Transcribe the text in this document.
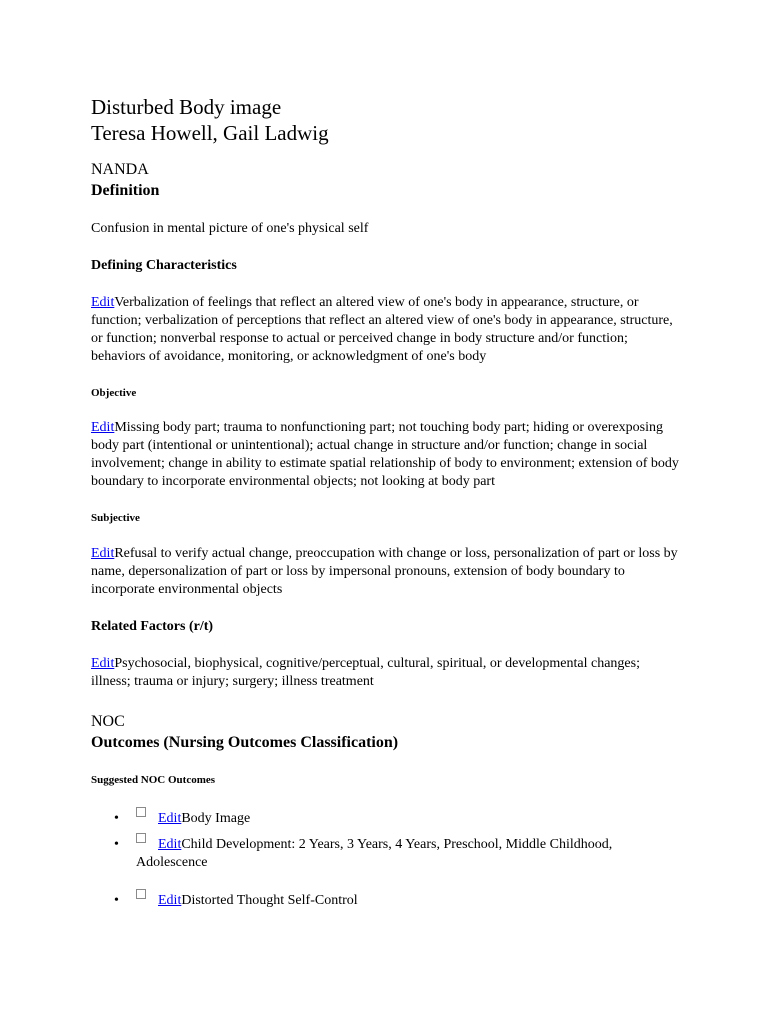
Disturbed Body image
Teresa Howell, Gail Ladwig
NANDA
Definition

Confusion in mental picture of one's physical self

Defining Characteristics

EditVerbalization of feelings that reflect an altered view of one's body in appearance, structure, or function; verbalization of perceptions that reflect an altered view of one's body in appearance, structure, or function; nonverbal response to actual or perceived change in body structure and/or function; behaviors of avoidance, monitoring, or acknowledgment of one's body

Objective

EditMissing body part; trauma to nonfunctioning part; not touching body part; hiding or overexposing body part (intentional or unintentional); actual change in structure and/or function; change in social involvement; change in ability to estimate spatial relationship of body to environment; extension of body boundary to incorporate environmental objects; not looking at body part

Subjective

EditRefusal to verify actual change, preoccupation with change or loss, personalization of part or loss by name, depersonalization of part or loss by impersonal pronouns, extension of body boundary to incorporate environmental objects

Related Factors (r/t)

EditPsychosocial, biophysical, cognitive/perceptual, cultural, spiritual, or developmental changes; illness; trauma or injury; surgery; illness treatment

NOC
Outcomes (Nursing Outcomes Classification)
Suggested NOC Outcomes
•	EditBody Image
•	EditChild Development: 2 Years, 3 Years, 4 Years, Preschool, Middle Childhood, Adolescence
•	EditDistorted Thought Self-Control
